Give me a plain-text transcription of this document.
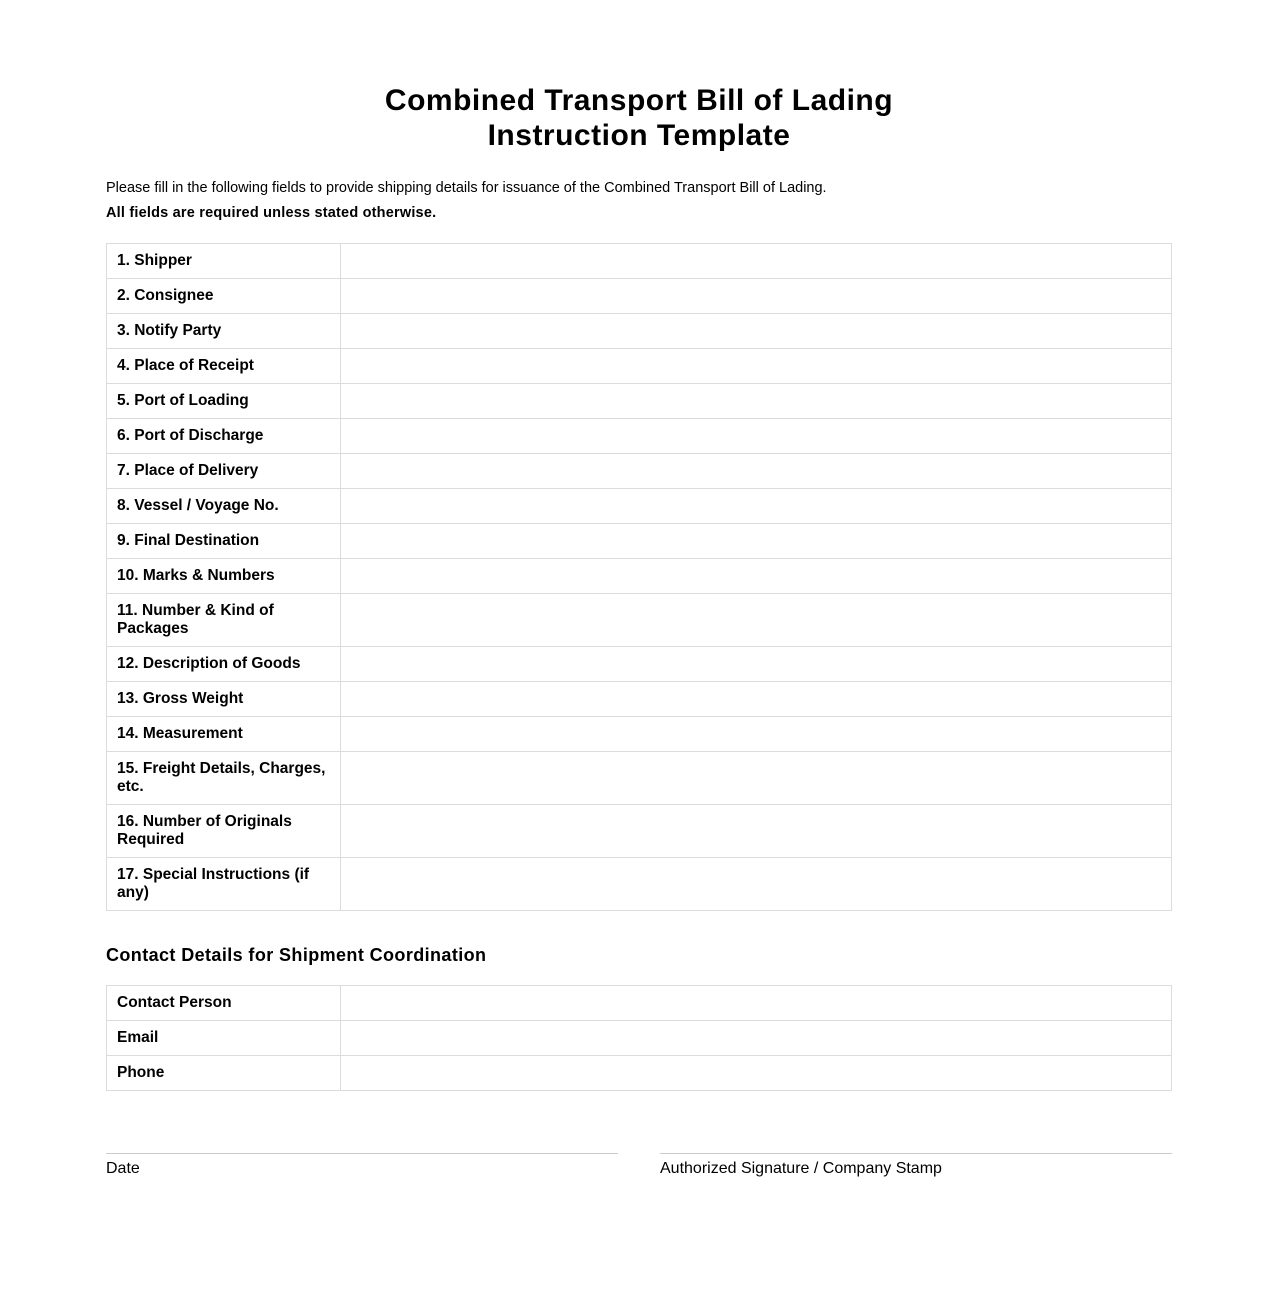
Combined Transport Bill of Lading
Instruction Template
Please fill in the following fields to provide shipping details for issuance of the Combined Transport Bill of Lading.
All fields are required unless stated otherwise.
1. Shipper	
2. Consignee	
3. Notify Party	
4. Place of Receipt	
5. Port of Loading	
6. Port of Discharge	
7. Place of Delivery	
8. Vessel / Voyage No.	
9. Final Destination	
10. Marks & Numbers	
11. Number & Kind of Packages	
12. Description of Goods	
13. Gross Weight	
14. Measurement	
15. Freight Details, Charges, etc.	
16. Number of Originals Required	
17. Special Instructions (if any)	
Contact Details for Shipment Coordination
Contact Person	
Email	
Phone	
Date	Authorized Signature / Company Stamp
